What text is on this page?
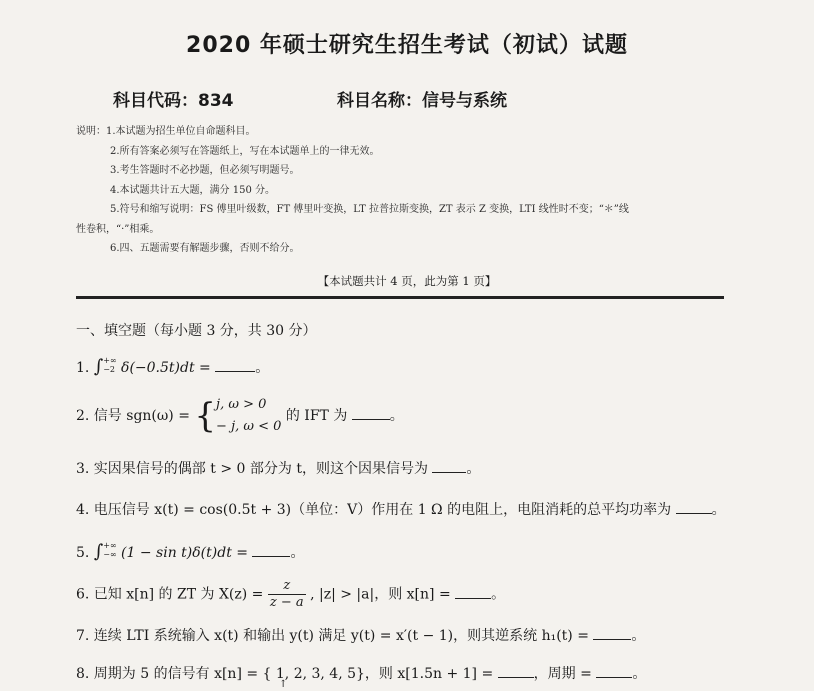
2020 年硕士研究生招生考试（初试）试题
科目代码：834	科目名称：信号与系统
说明：1.本试题为招生单位自命题科目。
2.所有答案必须写在答题纸上，写在本试题单上的一律无效。
3.考生答题时不必抄题，但必须写明题号。
4.本试题共计五大题，满分 150 分。
5.符号和缩写说明：FS 傅里叶级数，FT 傅里叶变换，LT 拉普拉斯变换，ZT 表示 Z 变换，LTI 线性时不变；“＊”线
性卷积，“·”相乘。
6.四、五题需要有解题步骤，否则不给分。
【本试题共计 4 页，此为第 1 页】
一、填空题（每小题 3 分，共 30 分）
1. ∫+∞
−2 δ(−0.5t)dt =	。
2. 信号 sgn(ω) = {j, ω > 0
− j, ω < 0 的 IFT 为	。
3. 实因果信号的偶部 t > 0 部分为 t，则这个因果信号为	。
4. 电压信号 x(t) = cos(0.5t + 3)（单位：V）作用在 1 Ω 的电阻上，电阻消耗的总平均功率为	。
5. ∫+∞
−∞ (1 − sin t)δ(t)dt =	。
6. 已知 x[n] 的 ZT 为 $X(z) = \frac{z}{z - a}$ , |z| > |a|，则 x[n] =	。
7. 连续 LTI 系统输入 x(t) 和输出 y(t) 满足 y(t) = x′(t − 1)，则其逆系统 h₁(t) =	。
8. 周期为 5 的信号有 x[n] = { 1, 2, 3, 4, 5}，则 x[1.5n + 1] =	，周期 =	。
↑
